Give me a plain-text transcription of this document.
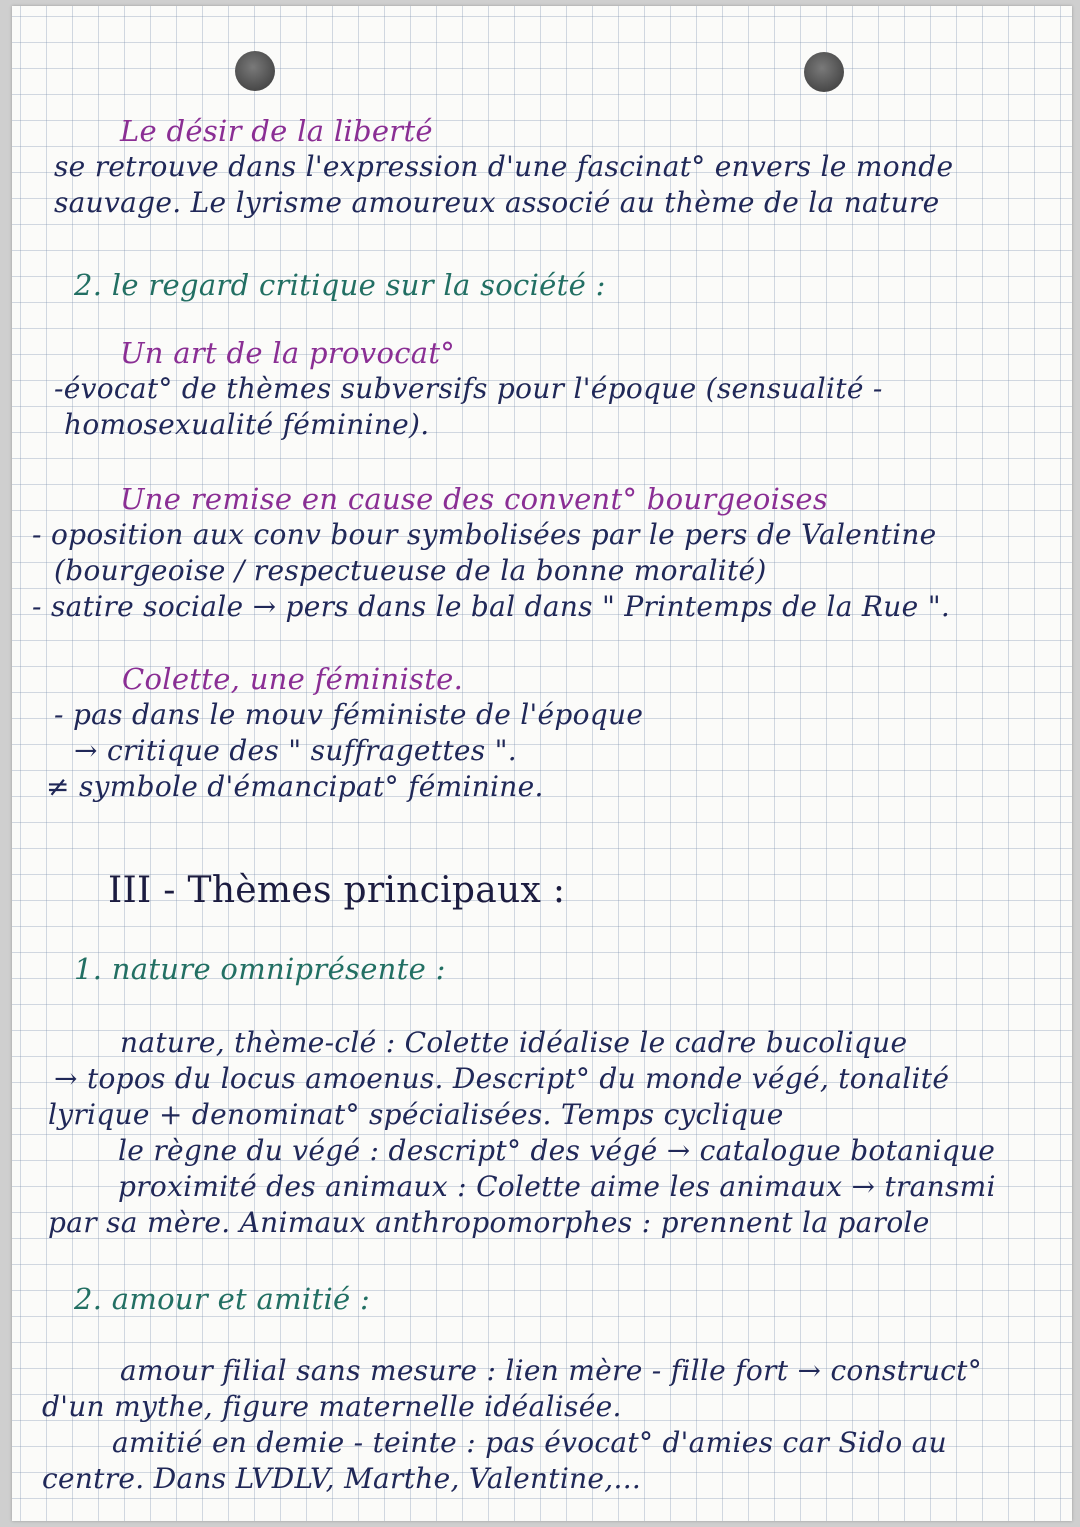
Le désir de la liberté
se retrouve dans l'expression d'une fascinat° envers le monde
sauvage. Le lyrisme amoureux associé au thème de la nature
2. le regard critique sur la société :
Un art de la provocat°
-évocat° de thèmes subversifs pour l'époque (sensualité -
homosexualité féminine).
Une remise en cause des convent° bourgeoises
- oposition aux conv bour symbolisées par le pers de Valentine
(bourgeoise / respectueuse de la bonne moralité)
- satire sociale → pers dans le bal dans " Printemps de la Rue ".
Colette, une féministe.
- pas dans le mouv féministe de l'époque
→ critique des " suffragettes ".
≠ symbole d'émancipat° féminine.
III - Thèmes principaux :
1. nature omniprésente :
nature, thème-clé : Colette idéalise le cadre bucolique
→ topos du locus amoenus. Descript° du monde végé, tonalité
lyrique + denominat° spécialisées. Temps cyclique
le règne du végé : descript° des végé → catalogue botanique
proximité des animaux : Colette aime les animaux → transmi
par sa mère. Animaux anthropomorphes : prennent la parole
2. amour et amitié :
amour filial sans mesure : lien mère - fille fort → construct°
d'un mythe, figure maternelle idéalisée.
amitié en demie - teinte : pas évocat° d'amies car Sido au
centre. Dans LVDLV, Marthe, Valentine,...
